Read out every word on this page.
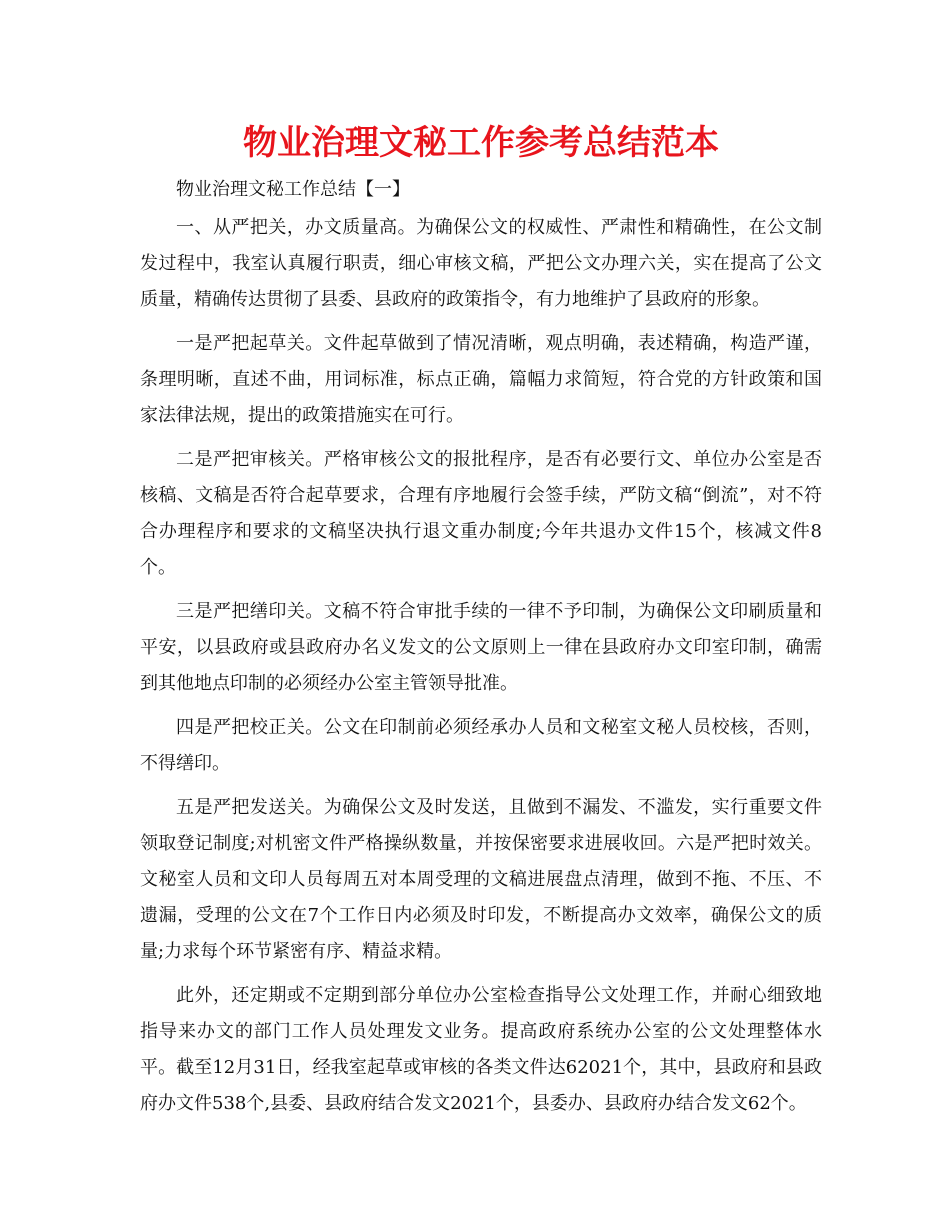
物业治理文秘工作参考总结范本

物业治理文秘工作总结【一】

一、从严把关，办文质量高。为确保公文的权威性、严肃性和精确性，在公文制发过程中，我室认真履行职责，细心审核文稿，严把公文办理六关，实在提高了公文质量，精确传达贯彻了县委、县政府的政策指令，有力地维护了县政府的形象。

一是严把起草关。文件起草做到了情况清晰，观点明确，表述精确，构造严谨，条理明晰，直述不曲，用词标准，标点正确，篇幅力求简短，符合党的方针政策和国家法律法规，提出的政策措施实在可行。

二是严把审核关。严格审核公文的报批程序，是否有必要行文、单位办公室是否核稿、文稿是否符合起草要求，合理有序地履行会签手续，严防文稿“倒流”，对不符合办理程序和要求的文稿坚决执行退文重办制度;今年共退办文件15个，核减文件8个。

三是严把缮印关。文稿不符合审批手续的一律不予印制，为确保公文印刷质量和平安，以县政府或县政府办名义发文的公文原则上一律在县政府办文印室印制，确需到其他地点印制的必须经办公室主管领导批准。

四是严把校正关。公文在印制前必须经承办人员和文秘室文秘人员校核，否则，不得缮印。

五是严把发送关。为确保公文及时发送，且做到不漏发、不滥发，实行重要文件领取登记制度;对机密文件严格操纵数量，并按保密要求进展收回。六是严把时效关。文秘室人员和文印人员每周五对本周受理的文稿进展盘点清理，做到不拖、不压、不遗漏，受理的公文在7个工作日内必须及时印发，不断提高办文效率，确保公文的质量;力求每个环节紧密有序、精益求精。

此外，还定期或不定期到部分单位办公室检查指导公文处理工作，并耐心细致地指导来办文的部门工作人员处理发文业务。提高政府系统办公室的公文处理整体水平。截至12月31日，经我室起草或审核的各类文件达62021个，其中，县政府和县政府办文件538个,县委、县政府结合发文2021个，县委办、县政府办结合发文62个。
